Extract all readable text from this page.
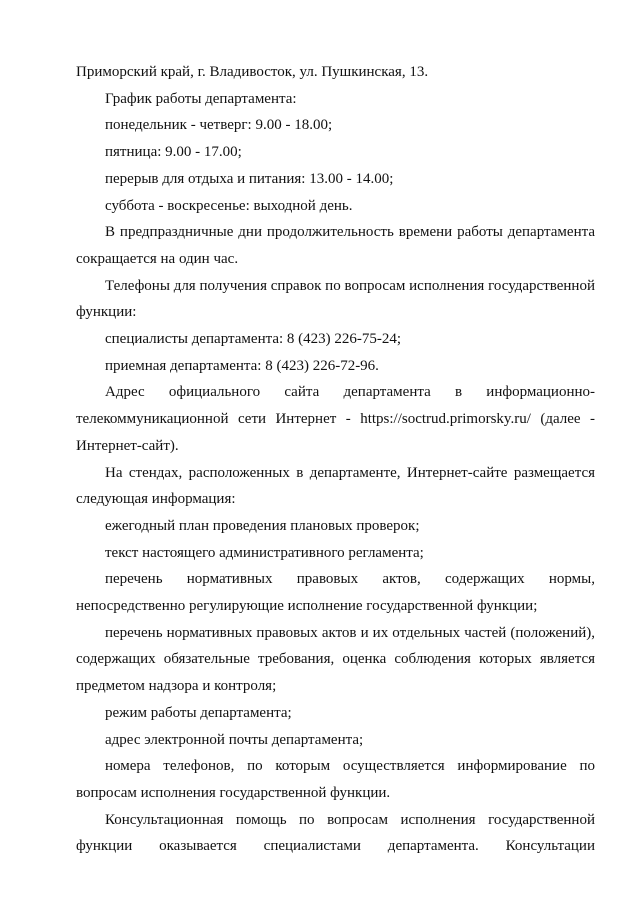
Приморский край, г. Владивосток, ул. Пушкинская, 13.

График работы департамента:

понедельник - четверг: 9.00 - 18.00;

пятница: 9.00 - 17.00;

перерыв для отдыха и питания: 13.00 - 14.00;

суббота - воскресенье: выходной день.

В предпраздничные дни продолжительность времени работы департамента сокращается на один час.

Телефоны для получения справок по вопросам исполнения государственной функции:

специалисты департамента: 8 (423) 226-75-24;

приемная департамента: 8 (423) 226-72-96.

Адрес официального сайта департамента в информационно-телекоммуникационной сети Интернет - https://soctrud.primorsky.ru/ (далее - Интернет-сайт).

На стендах, расположенных в департаменте, Интернет-сайте размещается следующая информация:

ежегодный план проведения плановых проверок;

текст настоящего административного регламента;

перечень нормативных правовых актов, содержащих нормы, непосредственно регулирующие исполнение государственной функции;

перечень нормативных правовых актов и их отдельных частей (положений), содержащих обязательные требования, оценка соблюдения которых является предметом надзора и контроля;

режим работы департамента;

адрес электронной почты департамента;

номера телефонов, по которым осуществляется информирование по вопросам исполнения государственной функции.

Консультационная помощь по вопросам исполнения государственной функции оказывается специалистами департамента. Консультации
